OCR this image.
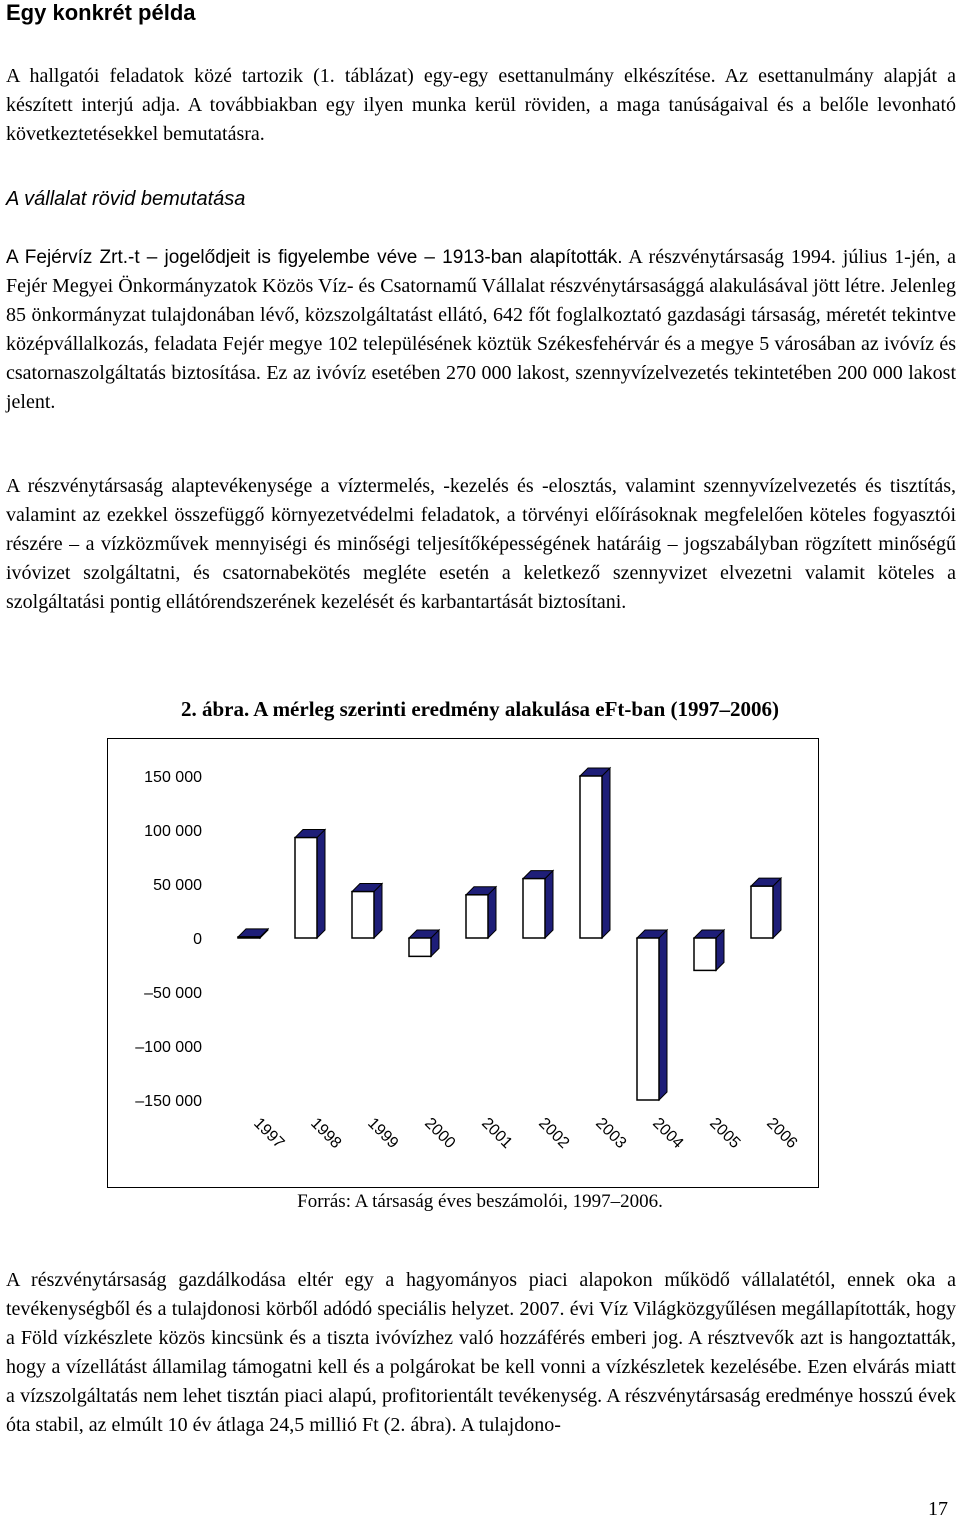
Egy konkrét példa
A hallgatói feladatok közé tartozik (1. táblázat) egy-egy esettanulmány elkészítése. Az esettanulmány alapját a készített interjú adja. A továbbiakban egy ilyen munka kerül röviden, a maga tanúságaival és a belőle levonható következtetésekkel bemutatásra.
A vállalat rövid bemutatása
A Fejérvíz Zrt.-t – jogelődjeit is figyelembe véve – 1913-ban alapították. A részvénytársaság 1994. július 1-jén, a Fejér Megyei Önkormányzatok Közös Víz- és Csatornamű Vállalat részvénytársasággá alakulásával jött létre. Jelenleg 85 önkormányzat tulajdonában lévő, közszolgáltatást ellátó, 642 főt foglalkoztató gazdasági társaság, méretét tekintve középvállalkozás, feladata Fejér megye 102 településének köztük Székesfehérvár és a megye 5 városában az ivóvíz és csatornaszolgáltatás biztosítása. Ez az ivóvíz esetében 270 000 lakost, szennyvízelvezetés tekintetében 200 000 lakost jelent.
A részvénytársaság alaptevékenysége a víztermelés, -kezelés és -elosztás, valamint szennyvízelvezetés és tisztítás, valamint az ezekkel összefüggő környezetvédelmi feladatok, a törvényi előírásoknak megfelelően köteles fogyasztói részére – a vízközművek mennyiségi és minőségi teljesítőképességének határáig – jogszabályban rögzített minőségű ivóvizet szolgáltatni, és csatornabekötés megléte esetén a keletkező szennyvizet elvezetni valamit köteles a szolgáltatási pontig ellátórendszerének kezelését és karbantartását biztosítani.
2. ábra. A mérleg szerinti eredmény alakulása eFt-ban (1997–2006)
150 000
100 000
50 000
0
–50 000
–100 000
–150 000
1997 1998 1999 2000 2001 2002 2003 2004 2005 2006
Forrás: A társaság éves beszámolói, 1997–2006.
A részvénytársaság gazdálkodása eltér egy a hagyományos piaci alapokon működő vállalatétól, ennek oka a tevékenységből és a tulajdonosi körből adódó speciális helyzet. 2007. évi Víz Világközgyűlésen megállapították, hogy a Föld vízkészlete közös kincsünk és a tiszta ivóvízhez való hozzáférés emberi jog. A résztvevők azt is hangoztatták, hogy a vízellátást államilag támogatni kell és a polgárokat be kell vonni a vízkészletek kezelésébe. Ezen elvárás miatt a vízszolgáltatás nem lehet tisztán piaci alapú, profitorientált tevékenység. A részvénytársaság eredménye hosszú évek óta stabil, az elmúlt 10 év átlaga 24,5 millió Ft (2. ábra). A tulajdono-
17
